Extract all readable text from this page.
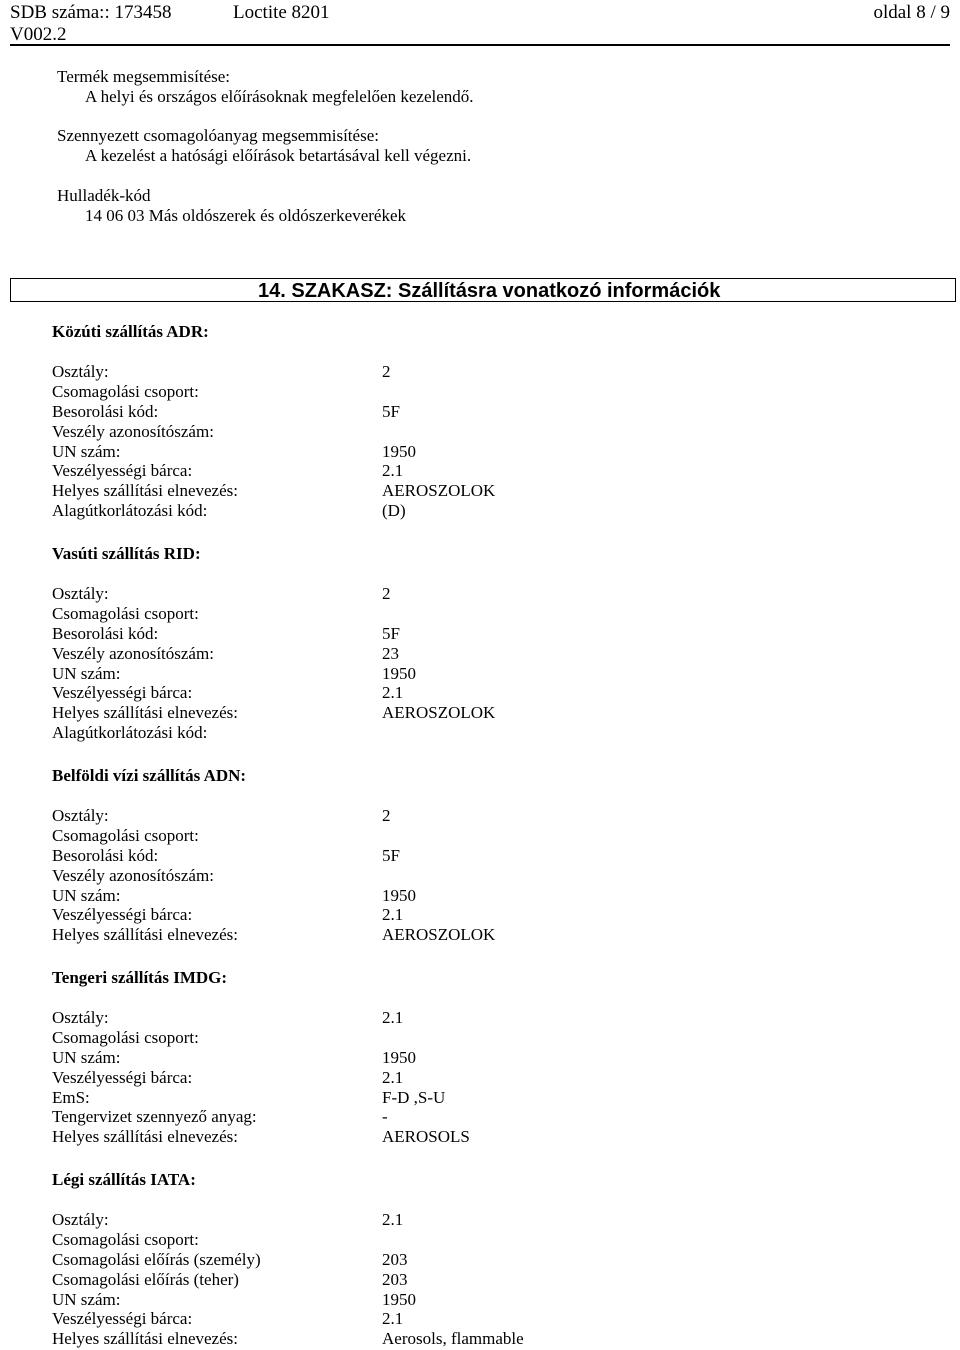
SDB száma:: 173458
V002.2
Loctite 8201	oldal 8 / 9
Termék megsemmisítése:
A helyi és országos előírásoknak megfelelően kezelendő.
Szennyezett csomagolóanyag megsemmisítése:
A kezelést a hatósági előírások betartásával kell végezni.
Hulladék-kód
14 06 03 Más oldószerek és oldószerkeverékek
14. SZAKASZ: Szállításra vonatkozó információk
Közúti szállítás ADR:
Osztály:	2
Csomagolási csoport:
Besorolási kód:	5F
Veszély azonosítószám:
UN szám:	1950
Veszélyességi bárca:	2.1
Helyes szállítási elnevezés:	AEROSZOLOK
Alagútkorlátozási kód:	(D)
Vasúti szállítás RID:
Osztály:	2
Csomagolási csoport:
Besorolási kód:	5F
Veszély azonosítószám:	23
UN szám:	1950
Veszélyességi bárca:	2.1
Helyes szállítási elnevezés:	AEROSZOLOK
Alagútkorlátozási kód:
Belföldi vízi szállítás ADN:
Osztály:	2
Csomagolási csoport:
Besorolási kód:	5F
Veszély azonosítószám:
UN szám:	1950
Veszélyességi bárca:	2.1
Helyes szállítási elnevezés:	AEROSZOLOK
Tengeri szállítás IMDG:
Osztály:	2.1
Csomagolási csoport:
UN szám:	1950
Veszélyességi bárca:	2.1
EmS:	F-D ,S-U
Tengervizet szennyező anyag:	-
Helyes szállítási elnevezés:	AEROSOLS
Légi szállítás IATA:
Osztály:	2.1
Csomagolási csoport:
Csomagolási előírás (személy)	203
Csomagolási előírás (teher)	203
UN szám:	1950
Veszélyességi bárca:	2.1
Helyes szállítási elnevezés:	Aerosols, flammable
